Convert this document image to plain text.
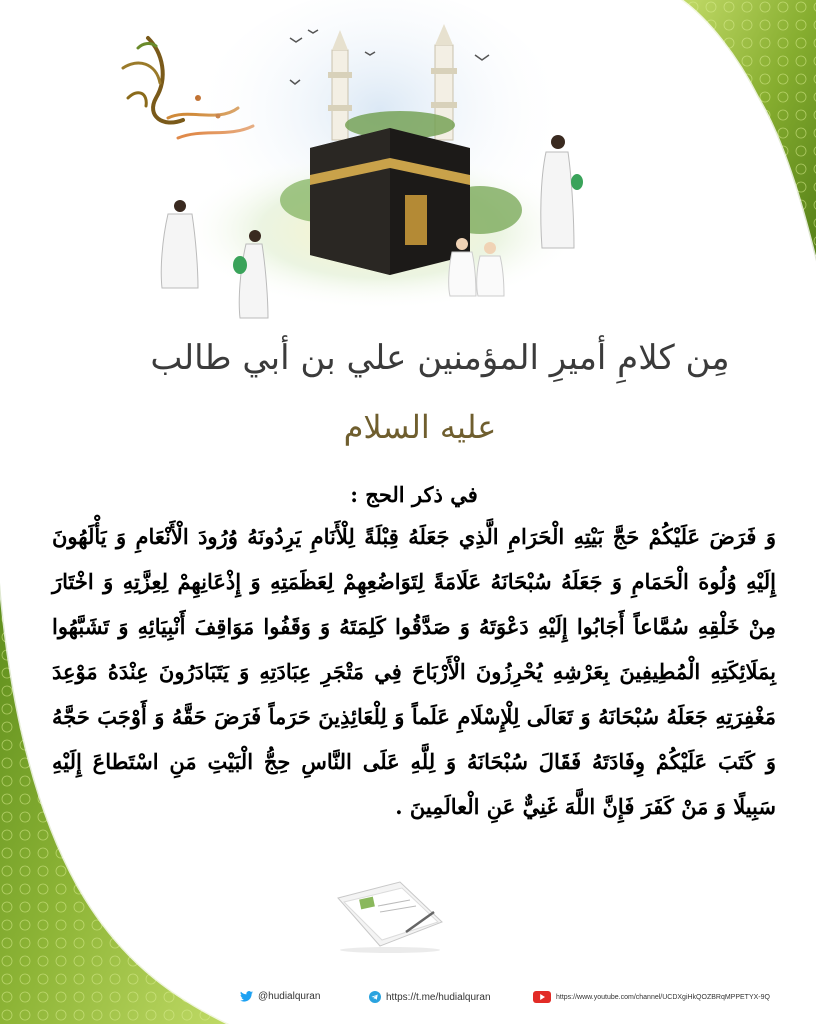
مِن كلامِ أميرِ المؤمنين علي بن أبي طالب
عليه السلام

في ذكر الحج :

وَ فَرَضَ عَلَيْكُمْ حَجَّ بَيْتِهِ الْحَرَامِ الَّذِي جَعَلَهُ قِبْلَةً لِلْأَنَامِ يَرِدُونَهُ وُرُودَ الْأَنْعَامِ وَ يَأْلَهُونَ إِلَيْهِ وُلُوهَ الْحَمَامِ وَ جَعَلَهُ سُبْحَانَهُ عَلَامَةً لِتَوَاضُعِهِمْ لِعَظَمَتِهِ وَ إِذْعَانِهِمْ لِعِزَّتِهِ وَ اخْتَارَ مِنْ خَلْقِهِ سُمَّاعاً أَجَابُوا إِلَيْهِ دَعْوَتَهُ وَ صَدَّقُوا كَلِمَتَهُ وَ وَقَفُوا مَوَاقِفَ أَنْبِيَائِهِ وَ تَشَبَّهُوا بِمَلَائِكَتِهِ الْمُطِيفِينَ بِعَرْشِهِ يُحْرِزُونَ الْأَرْبَاحَ فِي مَتْجَرِ عِبَادَتِهِ وَ يَتَبَادَرُونَ عِنْدَهُ مَوْعِدَ مَغْفِرَتِهِ جَعَلَهُ سُبْحَانَهُ وَ تَعَالَى لِلْإِسْلَامِ عَلَماً وَ لِلْعَائِذِينَ حَرَماً فَرَضَ حَقَّهُ وَ أَوْجَبَ حَجَّهُ وَ كَتَبَ عَلَيْكُمْ وِفَادَتَهُ فَقَالَ سُبْحَانَهُ وَ لِلَّهِ عَلَى النَّاسِ حِجُّ الْبَيْتِ مَنِ اسْتَطاعَ إِلَيْهِ سَبِيلًا وَ مَنْ كَفَرَ فَإِنَّ اللَّهَ غَنِيٌّ عَنِ الْعالَمِينَ .

@hudialquran	https://t.me/hudialquran	https://www.youtube.com/channel/UCDXgiHkQOZBRqMPPETYX-9Q
